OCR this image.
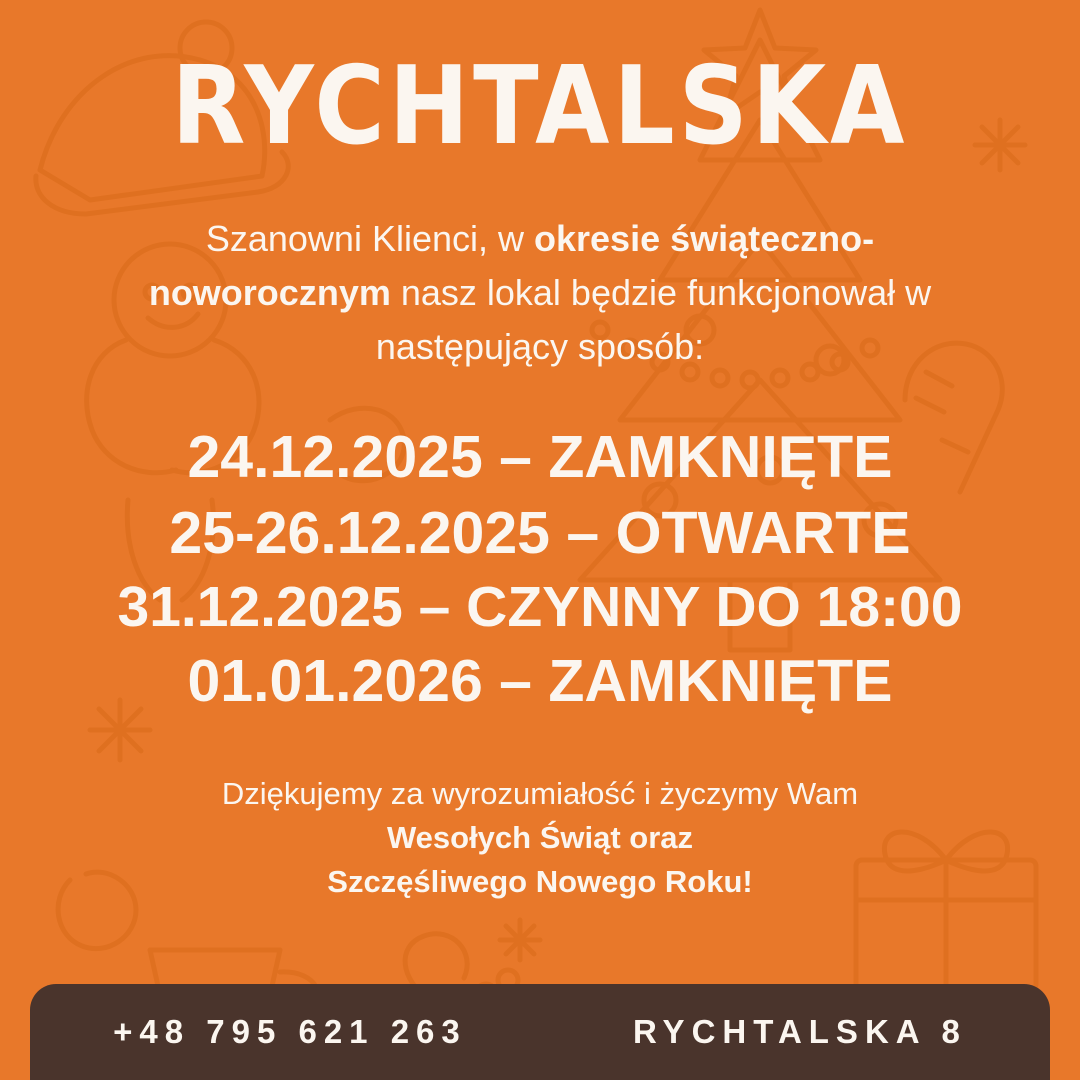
RYCHTALSKA
Szanowni Klienci, w okresie świąteczno-noworocznym nasz lokal będzie funkcjonował w następujący sposób:
24.12.2025 – ZAMKNIĘTE
25-26.12.2025 – OTWARTE
31.12.2025 – CZYNNY DO 18:00
01.01.2026 – ZAMKNIĘTE
Dziękujemy za wyrozumiałość i życzymy Wam
Wesołych Świąt oraz
Szczęśliwego Nowego Roku!
+48 795 621 263	RYCHTALSKA 8
